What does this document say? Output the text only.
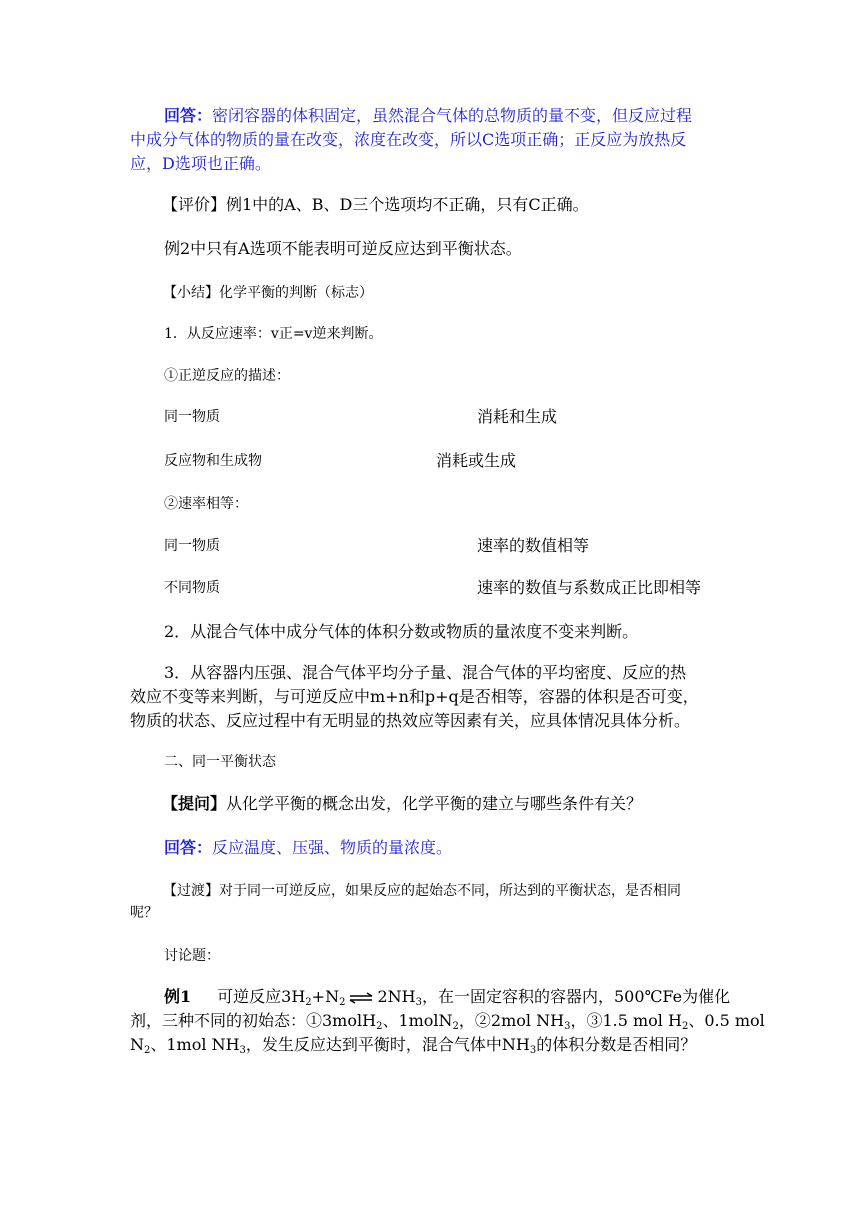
回答：密闭容器的体积固定，虽然混合气体的总物质的量不变，但反应过程
中成分气体的物质的量在改变，浓度在改变，所以C选项正确；正反应为放热反
应，D选项也正确。
【评价】例1中的A、B、D三个选项均不正确，只有C正确。
例2中只有A选项不能表明可逆反应达到平衡状态。
【小结】化学平衡的判断（标志）
1．从反应速率：v正=v逆来判断。
①正逆反应的描述：
同一物质	消耗和生成
反应物和生成物	消耗或生成
②速率相等：
同一物质	速率的数值相等
不同物质	速率的数值与系数成正比即相等
2．从混合气体中成分气体的体积分数或物质的量浓度不变来判断。
3．从容器内压强、混合气体平均分子量、混合气体的平均密度、反应的热
效应不变等来判断，与可逆反应中m+n和p+q是否相等，容器的体积是否可变，
物质的状态、反应过程中有无明显的热效应等因素有关，应具体情况具体分析。
二、同一平衡状态
【提问】从化学平衡的概念出发，化学平衡的建立与哪些条件有关？
回答：反应温度、压强、物质的量浓度。
【过渡】对于同一可逆反应，如果反应的起始态不同，所达到的平衡状态，是否相同
呢？
讨论题：
例1 可逆反应$3H_2+N_2$ ⇌ $2NH_3$，在一固定容积的容器内，500℃Fe为催化
剂，三种不同的初始态：①3molH$_2$、1molN$_2$，②2mol $NH_3$，③1.5 mol $H_2$、0.5 mol
$N_2$、1mol $NH_3$，发生反应达到平衡时，混合气体中$NH_3$的体积分数是否相同？
